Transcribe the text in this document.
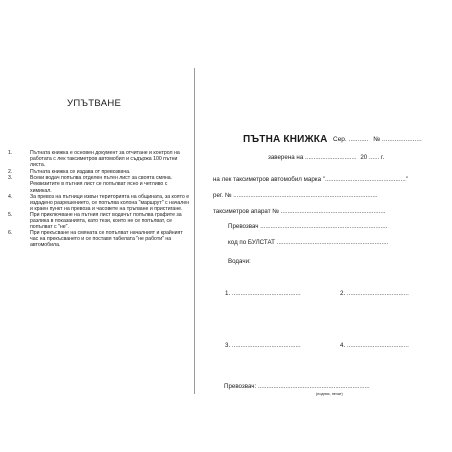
УПЪТВАНЕ
1.	Пътната книжка е основен документ за отчитане и контрол на работата с лек таксиметров автомобил и съдържа 100 пътни листа.
2.	Пътната книжка се издава от превозвача.
3.	Всеки водач попълва отделен пътен лист за своята смяна.
Реквизитите в пътния лист се попълват ясно и четливо с химикал.
4.	За превоз на пътници извън територията на общината, за която е издадено разрешението, се попълва колона "маршрут" с начален и краен пункт на превоза и часовете на тръгване и пристигане.
5.	При приключване на пътния лист водачът попълва графите за разлика в показанията, като тези, които не се попълват, се попълват с "не".
6.	При прекъсване на смяната се попълват началният и крайният час на прекъсването и се поставя табелата "не работи" на автомобила.
ПЪТНА КНИЖКА Сер. ........... № ......................
заверена на .............................. 20 ...... г.
на лек таксиметров автомобил марка "..............................................."
рег. № ....................................................................................
таксиметров апарат № .............................................................
Превозвач ..........................................................................
код по БУЛСТАТ .................................................................
Водачи:
1. ........................................	2. ....................................
3. ........................................	4. ....................................
Превозвач: .................................................................
(подпис, печат)
